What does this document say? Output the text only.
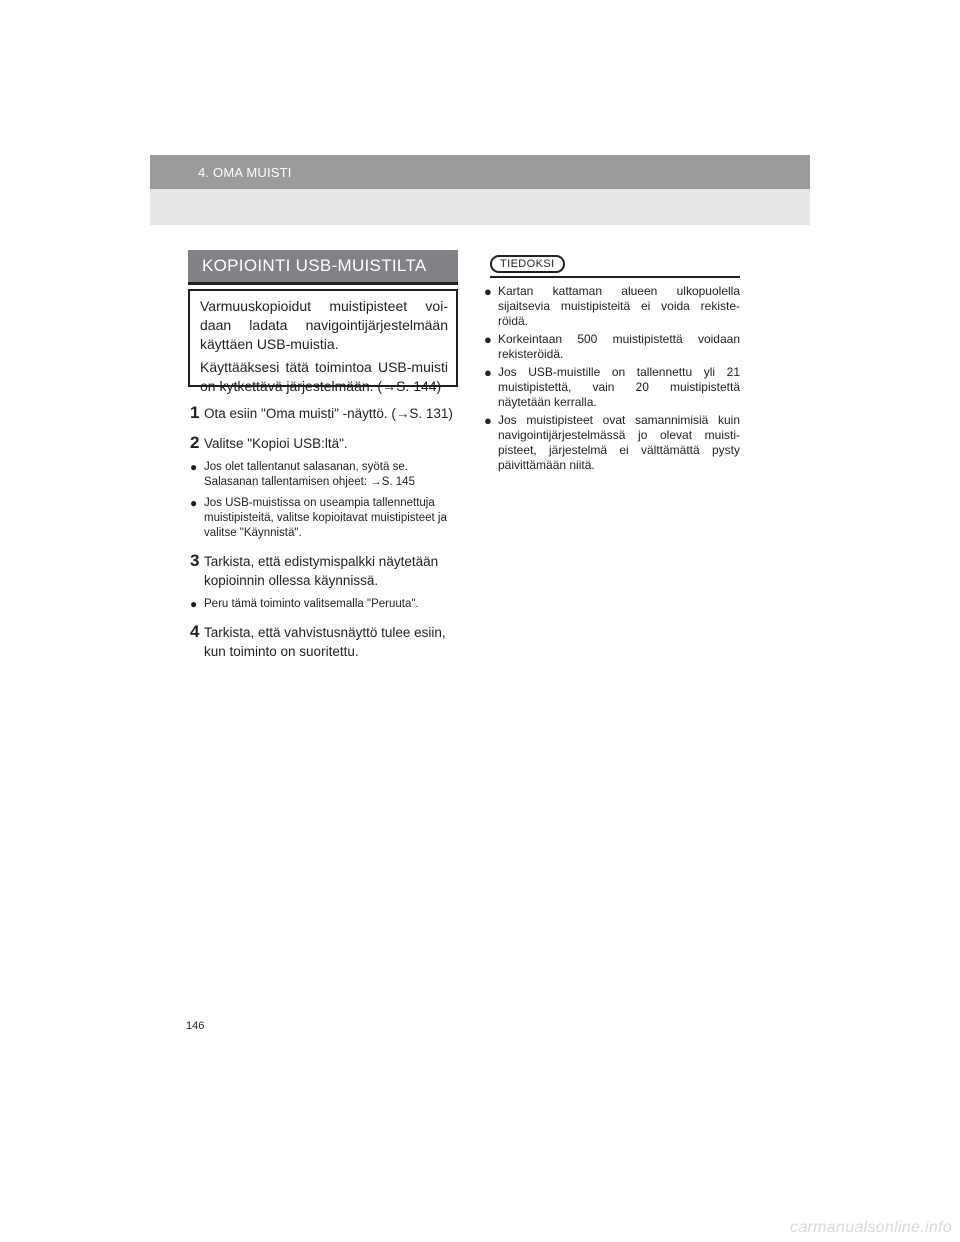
4. OMA MUISTI
KOPIOINTI USB-MUISTILTA

Varmuuskopioidut muistipisteet voi-daan ladata navigointijärjestelmään käyttäen USB-muistia.

Käyttääksesi tätä toimintoa USB-muisti on kytkettävä järjestelmään. (→S. 144)

1 Ota esiin "Oma muisti" -näyttö. (→S. 131)

2 Valitse "Kopioi USB:ltä".

● Jos olet tallentanut salasanan, syötä se. Salasanan tallentamisen ohjeet: →S. 145

● Jos USB-muistissa on useampia tallennettuja muistipisteitä, valitse kopioitavat muistipisteet ja valitse "Käynnistä".

3 Tarkista, että edistymispalkki näytetään kopioinnin ollessa käynnissä.

● Peru tämä toiminto valitsemalla "Peruuta".

4 Tarkista, että vahvistusnäyttö tulee esiin, kun toiminto on suoritettu.

TIEDOKSI

● Kartan kattaman alueen ulkopuolella sijaitsevia muistipisteitä ei voida rekiste-röidä.

● Korkeintaan 500 muistipistettä voidaan rekisteröidä.

● Jos USB-muistille on tallennettu yli 21 muistipistettä, vain 20 muistipistettä näytetään kerralla.

● Jos muistipisteet ovat samannimisiä kuin navigointijärjestelmässä jo olevat muisti-pisteet, järjestelmä ei välttämättä pysty päivittämään niitä.

146
carmanualsonline.info
